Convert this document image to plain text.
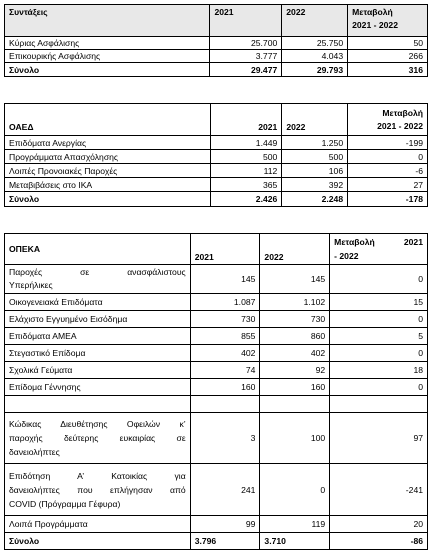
Συντάξεις	2021	2022	Μεταβολή
2021 - 2022

Κύριας Ασφάλισης	25.700	25.750	50
Επικουρικής Ασφάλισης	3.777	4.043	266
Σύνολο	29.477	29.793	316
ΟΑΕΔ	2021	2022	Μεταβολή
2021 - 2022

Επιδόματα Ανεργίας	1.449	1.250	-199
Προγράμματα Απασχόλησης	500	500	0
Λοιπές Προνοιακές Παροχές	112	106	-6
Μεταβιβάσεις στο ΙΚΑ	365	392	27
Σύνολο	2.426	2.248	-178
ΟΠΕΚΑ	2021	2022	Μεταβολή 2021
- 2022

Παροχές σε ανασφάλιστους
Υπερήλικες	145	145	0
Οικογενειακά Επιδόματα	1.087	1.102	15
Ελάχιστο Εγγυημένο Εισόδημα	730	730	0
Επιδόματα ΑΜΕΑ	855	860	5
Στεγαστικό Επίδομα	402	402	0
Σχολικά Γεύματα	74	92	18
Επίδομα Γέννησης	160	160	0

Κώδικας Διευθέτησης Οφειλών κ’
παροχής δεύτερης ευκαιρίας σε
δανειολήπτες	3	100	97

Επιδότηση Α’ Κατοικίας για
δανειολήπτες που επλήγησαν από
COVID (Πρόγραμμα Γέφυρα)	241	0	-241
Λοιπά Προγράμματα	99	119	20
Σύνολο	3.796	3.710	-86
